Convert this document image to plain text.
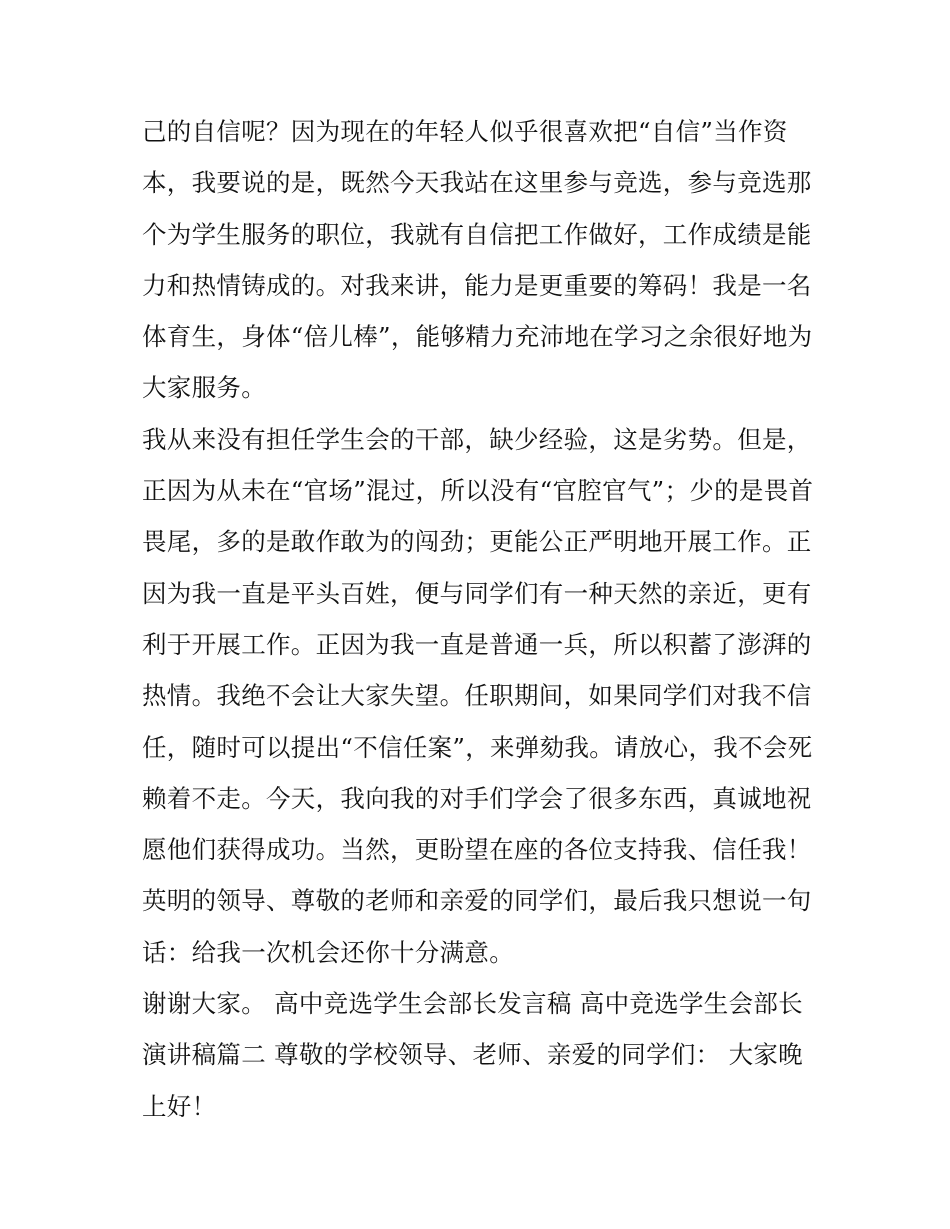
己的自信呢？因为现在的年轻人似乎很喜欢把“自信”当作资
本，我要说的是，既然今天我站在这里参与竞选，参与竞选那
个为学生服务的职位，我就有自信把工作做好，工作成绩是能
力和热情铸成的。对我来讲，能力是更重要的筹码！我是一名
体育生，身体“倍儿棒”，能够精力充沛地在学习之余很好地为
大家服务。
我从来没有担任学生会的干部，缺少经验，这是劣势。但是，
正因为从未在“官场”混过，所以没有“官腔官气”；少的是畏首
畏尾，多的是敢作敢为的闯劲；更能公正严明地开展工作。正
因为我一直是平头百姓，便与同学们有一种天然的亲近，更有
利于开展工作。正因为我一直是普通一兵，所以积蓄了澎湃的
热情。我绝不会让大家失望。任职期间，如果同学们对我不信
任，随时可以提出“不信任案”，来弹劾我。请放心，我不会死
赖着不走。今天，我向我的对手们学会了很多东西，真诚地祝
愿他们获得成功。当然，更盼望在座的各位支持我、信任我！
英明的领导、尊敬的老师和亲爱的同学们，最后我只想说一句
话：给我一次机会还你十分满意。
谢谢大家。 高中竞选学生会部长发言稿 高中竞选学生会部长
演讲稿篇二 尊敬的学校领导、老师、亲爱的同学们： 大家晚
上好！
